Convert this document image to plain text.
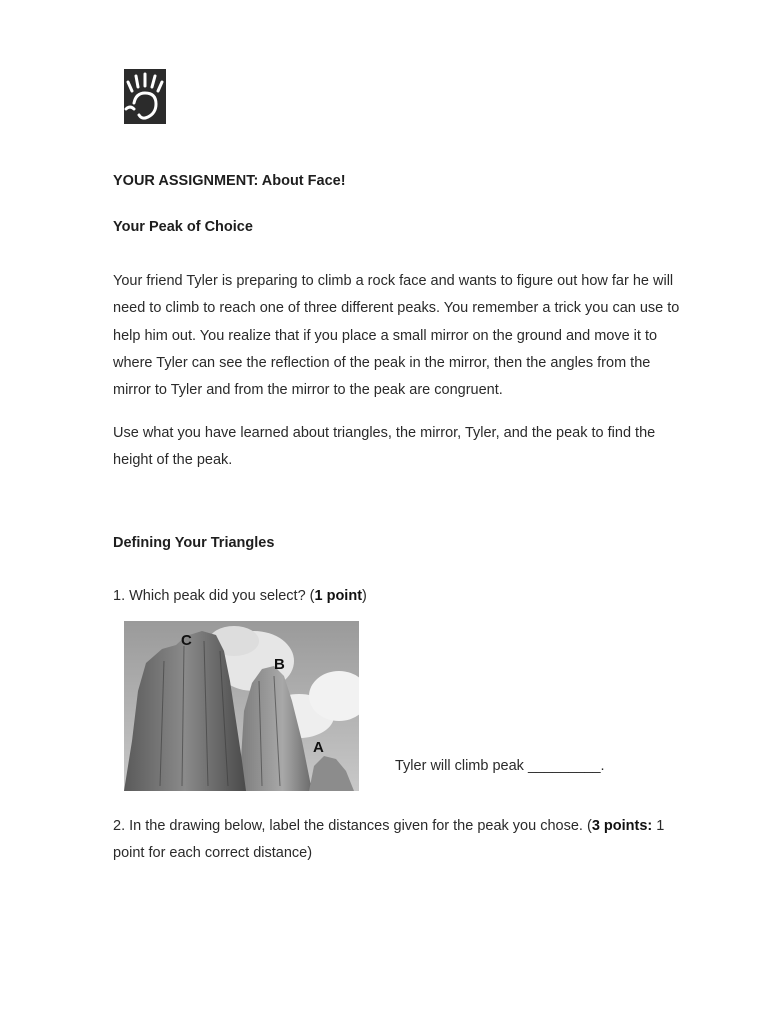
YOUR ASSIGNMENT: About Face!
Your Peak of Choice

Your friend Tyler is preparing to climb a rock face and wants to figure out how far he will need to climb to reach one of three different peaks. You remember a trick you can use to help him out. You realize that if you place a small mirror on the ground and move it to where Tyler can see the reflection of the peak in the mirror, then the angles from the mirror to Tyler and from the mirror to the peak are congruent.

Use what you have learned about triangles, the mirror, Tyler, and the peak to find the height of the peak.

Defining Your Triangles

1. Which peak did you select? (1 point)

C
B
A
Tyler will climb peak _________.

2. In the drawing below, label the distances given for the peak you chose. (3 points: 1 point for each correct distance)
